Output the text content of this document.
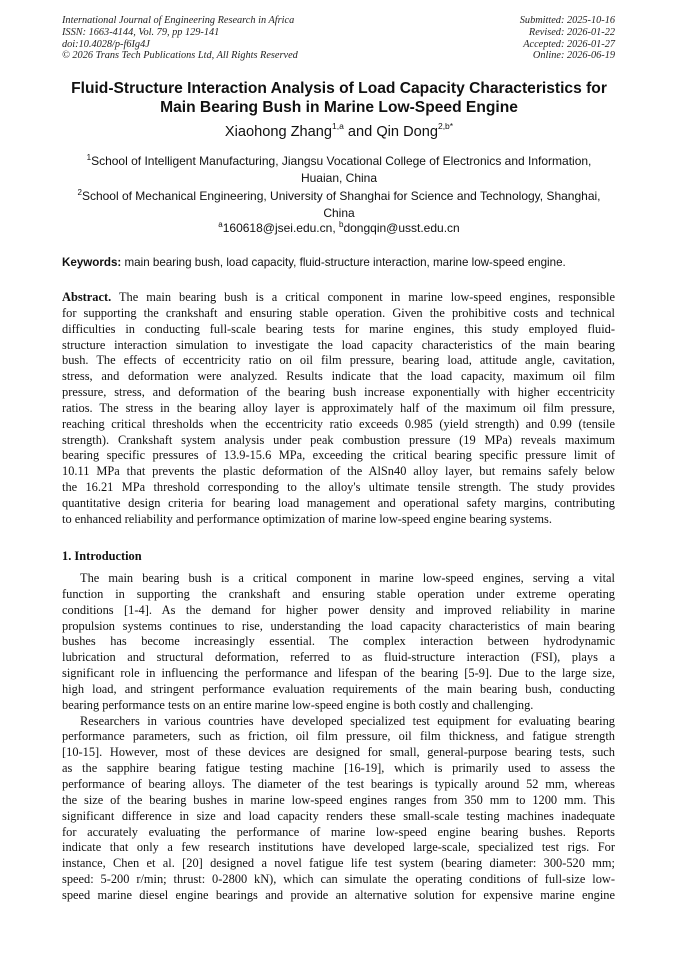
International Journal of Engineering Research in Africa
ISSN: 1663-4144, Vol. 79, pp 129-141
doi:10.4028/p-f6Ig4J
© 2026 Trans Tech Publications Ltd, All Rights Reserved
Submitted: 2025-10-16
Revised: 2026-01-22
Accepted: 2026-01-27
Online: 2026-06-19
Fluid-Structure Interaction Analysis of Load Capacity Characteristics for
Main Bearing Bush in Marine Low-Speed Engine
Xiaohong Zhang$^{1,a}$ and Qin Dong$^{2,b*}$
$^1$School of Intelligent Manufacturing, Jiangsu Vocational College of Electronics and Information,
Huaian, China
$^2$School of Mechanical Engineering, University of Shanghai for Science and Technology, Shanghai,
China
$^a$160618@jsei.edu.cn, $^b$dongqin@usst.edu.cn
Keywords: main bearing bush, load capacity, fluid-structure interaction, marine low-speed engine.
Abstract. The main bearing bush is a critical component in marine low-speed engines, responsible
for supporting the crankshaft and ensuring stable operation. Given the prohibitive costs and technical
difficulties in conducting full-scale bearing tests for marine engines, this study employed fluid-
structure interaction simulation to investigate the load capacity characteristics of the main bearing
bush. The effects of eccentricity ratio on oil film pressure, bearing load, attitude angle, cavitation,
stress, and deformation were analyzed. Results indicate that the load capacity, maximum oil film
pressure, stress, and deformation of the bearing bush increase exponentially with higher eccentricity
ratios. The stress in the bearing alloy layer is approximately half of the maximum oil film pressure,
reaching critical thresholds when the eccentricity ratio exceeds 0.985 (yield strength) and 0.99 (tensile
strength). Crankshaft system analysis under peak combustion pressure (19 MPa) reveals maximum
bearing specific pressures of 13.9-15.6 MPa, exceeding the critical bearing specific pressure limit of
10.11 MPa that prevents the plastic deformation of the AlSn40 alloy layer, but remains safely below
the 16.21 MPa threshold corresponding to the alloy's ultimate tensile strength. The study provides
quantitative design criteria for bearing load management and operational safety margins, contributing
to enhanced reliability and performance optimization of marine low-speed engine bearing systems.
1. Introduction
The main bearing bush is a critical component in marine low-speed engines, serving a vital
function in supporting the crankshaft and ensuring stable operation under extreme operating
conditions [1-4]. As the demand for higher power density and improved reliability in marine
propulsion systems continues to rise, understanding the load capacity characteristics of main bearing
bushes has become increasingly essential. The complex interaction between hydrodynamic
lubrication and structural deformation, referred to as fluid-structure interaction (FSI), plays a
significant role in influencing the performance and lifespan of the bearing [5-9]. Due to the large size,
high load, and stringent performance evaluation requirements of the main bearing bush, conducting
bearing performance tests on an entire marine low-speed engine is both costly and challenging.
Researchers in various countries have developed specialized test equipment for evaluating bearing
performance parameters, such as friction, oil film pressure, oil film thickness, and fatigue strength
[10-15]. However, most of these devices are designed for small, general-purpose bearing tests, such
as the sapphire bearing fatigue testing machine [16-19], which is primarily used to assess the
performance of bearing alloys. The diameter of the test bearings is typically around 52 mm, whereas
the size of the bearing bushes in marine low-speed engines ranges from 350 mm to 1200 mm. This
significant difference in size and load capacity renders these small-scale testing machines inadequate
for accurately evaluating the performance of marine low-speed engine bearing bushes. Reports
indicate that only a few research institutions have developed large-scale, specialized test rigs. For
instance, Chen et al. [20] designed a novel fatigue life test system (bearing diameter: 300-520 mm;
speed: 5-200 r/min; thrust: 0-2800 kN), which can simulate the operating conditions of full-size low-
speed marine diesel engine bearings and provide an alternative solution for expensive marine engine
